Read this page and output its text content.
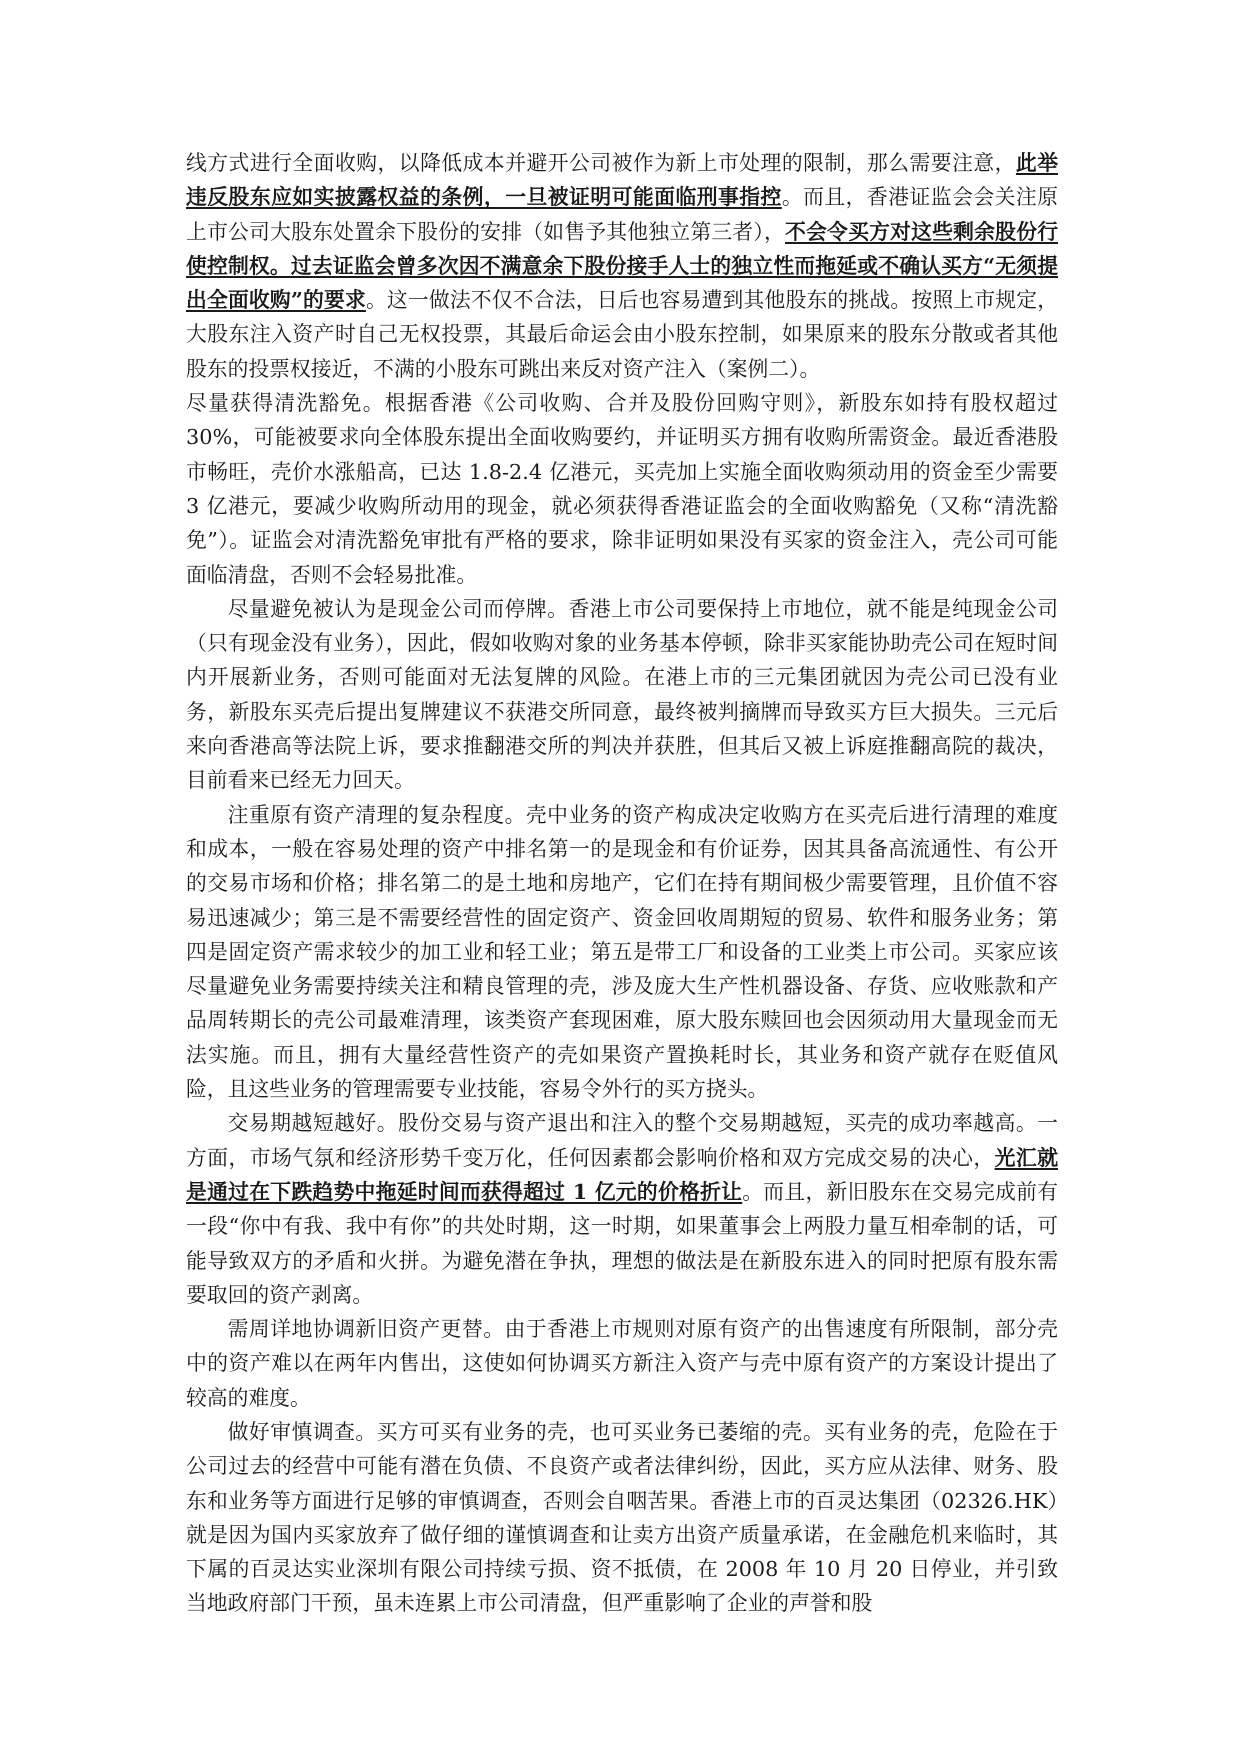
线方式进行全面收购，以降低成本并避开公司被作为新上市处理的限制，那么需要注意，此举违反股东应如实披露权益的条例，一旦被证明可能面临刑事指控。而且，香港证监会会关注原上市公司大股东处置余下股份的安排（如售予其他独立第三者），不会令买方对这些剩余股份行使控制权。过去证监会曾多次因不满意余下股份接手人士的独立性而拖延或不确认买方“无须提出全面收购”的要求。这一做法不仅不合法，日后也容易遭到其他股东的挑战。按照上市规定，大股东注入资产时自己无权投票，其最后命运会由小股东控制，如果原来的股东分散或者其他股东的投票权接近，不满的小股东可跳出来反对资产注入（案例二）。

尽量获得清洗豁免。根据香港《公司收购、合并及股份回购守则》，新股东如持有股权超过 30%，可能被要求向全体股东提出全面收购要约，并证明买方拥有收购所需资金。最近香港股市畅旺，壳价水涨船高，已达 1.8-2.4 亿港元，买壳加上实施全面收购须动用的资金至少需要 3 亿港元，要减少收购所动用的现金，就必须获得香港证监会的全面收购豁免（又称“清洗豁免”）。证监会对清洗豁免审批有严格的要求，除非证明如果没有买家的资金注入，壳公司可能面临清盘，否则不会轻易批准。

尽量避免被认为是现金公司而停牌。香港上市公司要保持上市地位，就不能是纯现金公司（只有现金没有业务），因此，假如收购对象的业务基本停顿，除非买家能协助壳公司在短时间内开展新业务，否则可能面对无法复牌的风险。在港上市的三元集团就因为壳公司已没有业务，新股东买壳后提出复牌建议不获港交所同意，最终被判摘牌而导致买方巨大损失。三元后来向香港高等法院上诉，要求推翻港交所的判决并获胜，但其后又被上诉庭推翻高院的裁决，目前看来已经无力回天。

注重原有资产清理的复杂程度。壳中业务的资产构成决定收购方在买壳后进行清理的难度和成本，一般在容易处理的资产中排名第一的是现金和有价证券，因其具备高流通性、有公开的交易市场和价格；排名第二的是土地和房地产，它们在持有期间极少需要管理，且价值不容易迅速减少；第三是不需要经营性的固定资产、资金回收周期短的贸易、软件和服务业务；第四是固定资产需求较少的加工业和轻工业；第五是带工厂和设备的工业类上市公司。买家应该尽量避免业务需要持续关注和精良管理的壳，涉及庞大生产性机器设备、存货、应收账款和产品周转期长的壳公司最难清理，该类资产套现困难，原大股东赎回也会因须动用大量现金而无法实施。而且，拥有大量经营性资产的壳如果资产置换耗时长，其业务和资产就存在贬值风险，且这些业务的管理需要专业技能，容易令外行的买方挠头。

交易期越短越好。股份交易与资产退出和注入的整个交易期越短，买壳的成功率越高。一方面，市场气氛和经济形势千变万化，任何因素都会影响价格和双方完成交易的决心，光汇就是通过在下跌趋势中拖延时间而获得超过 1 亿元的价格折让。而且，新旧股东在交易完成前有一段“你中有我、我中有你”的共处时期，这一时期，如果董事会上两股力量互相牵制的话，可能导致双方的矛盾和火拼。为避免潜在争执，理想的做法是在新股东进入的同时把原有股东需要取回的资产剥离。

需周详地协调新旧资产更替。由于香港上市规则对原有资产的出售速度有所限制，部分壳中的资产难以在两年内售出，这使如何协调买方新注入资产与壳中原有资产的方案设计提出了较高的难度。

做好审慎调查。买方可买有业务的壳，也可买业务已萎缩的壳。买有业务的壳，危险在于公司过去的经营中可能有潜在负债、不良资产或者法律纠纷，因此，买方应从法律、财务、股东和业务等方面进行足够的审慎调查，否则会自咽苦果。香港上市的百灵达集团（02326.HK）就是因为国内买家放弃了做仔细的谨慎调查和让卖方出资产质量承诺，在金融危机来临时，其下属的百灵达实业深圳有限公司持续亏损、资不抵债，在 2008 年 10 月 20 日停业，并引致当地政府部门干预，虽未连累上市公司清盘，但严重影响了企业的声誉和股
